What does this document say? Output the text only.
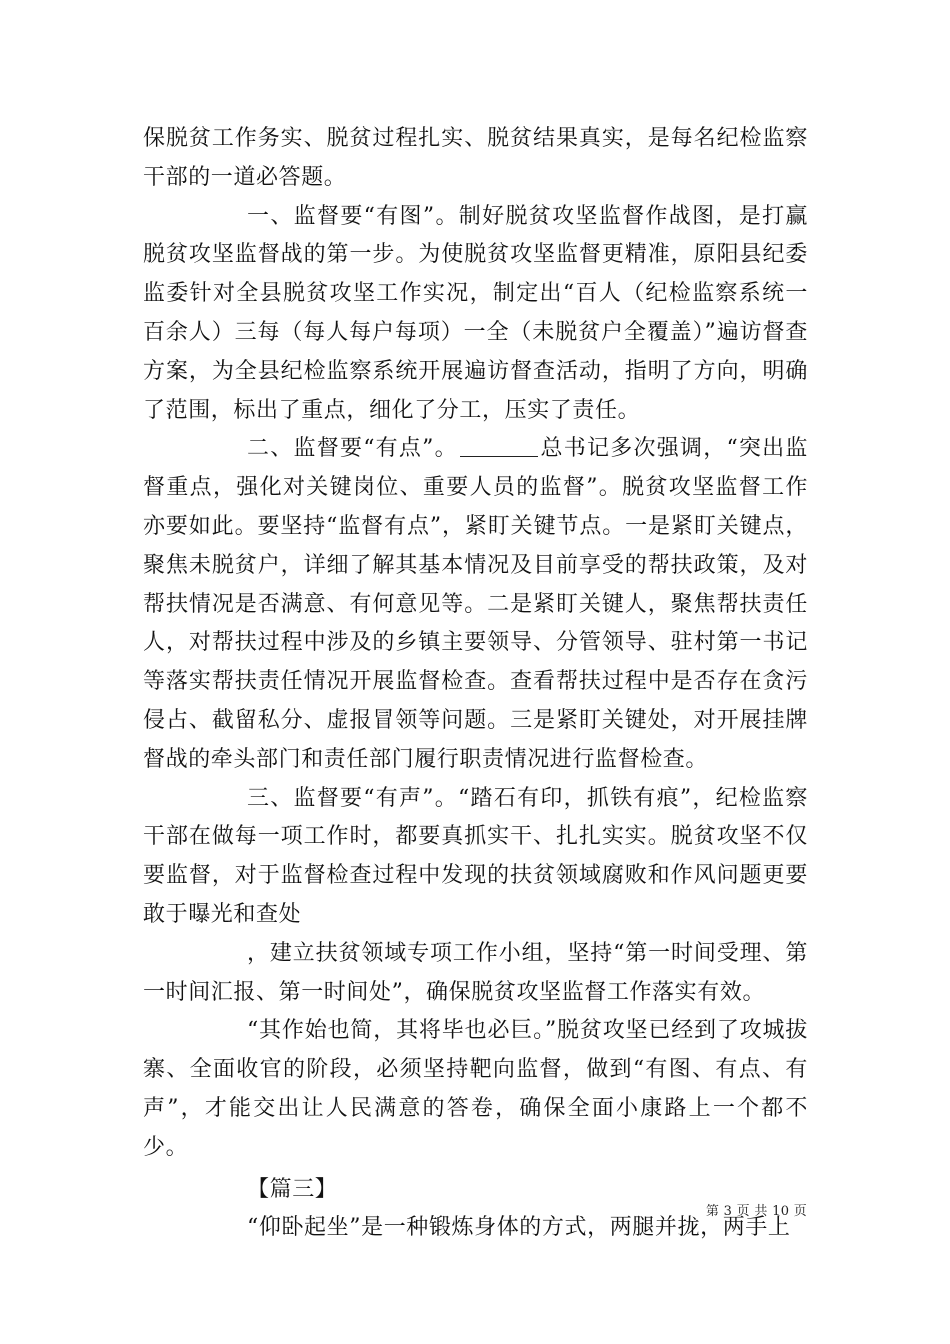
保脱贫工作务实、脱贫过程扎实、脱贫结果真实，是每名纪检监察干部的一道必答题。

一、监督要“有图”。制好脱贫攻坚监督作战图，是打赢脱贫攻坚监督战的第一步。为使脱贫攻坚监督更精准，原阳县纪委监委针对全县脱贫攻坚工作实况，制定出“百人（纪检监察系统一百余人）三每（每人每户每项）一全（未脱贫户全覆盖）”遍访督查方案，为全县纪检监察系统开展遍访督查活动，指明了方向，明确了范围，标出了重点，细化了分工，压实了责任。

二、监督要“有点”。	总书记多次强调，“突出监督重点，强化对关键岗位、重要人员的监督”。脱贫攻坚监督工作亦要如此。要坚持“监督有点”，紧盯关键节点。一是紧盯关键点，聚焦未脱贫户，详细了解其基本情况及目前享受的帮扶政策，及对帮扶情况是否满意、有何意见等。二是紧盯关键人，聚焦帮扶责任人，对帮扶过程中涉及的乡镇主要领导、分管领导、驻村第一书记等落实帮扶责任情况开展监督检查。查看帮扶过程中是否存在贪污侵占、截留私分、虚报冒领等问题。三是紧盯关键处，对开展挂牌督战的牵头部门和责任部门履行职责情况进行监督检查。

三、监督要“有声”。“踏石有印，抓铁有痕”，纪检监察干部在做每一项工作时，都要真抓实干、扎扎实实。脱贫攻坚不仅要监督，对于监督检查过程中发现的扶贫领域腐败和作风问题更要敢于曝光和查处

，建立扶贫领域专项工作小组，坚持“第一时间受理、第一时间汇报、第一时间处”，确保脱贫攻坚监督工作落实有效。

“其作始也简，其将毕也必巨。”脱贫攻坚已经到了攻城拔寨、全面收官的阶段，必须坚持靶向监督，做到“有图、有点、有声”，才能交出让人民满意的答卷，确保全面小康路上一个都不少。

【篇三】

“仰卧起坐”是一种锻炼身体的方式，两腿并拢，两手上

第 3 页 共 10 页
